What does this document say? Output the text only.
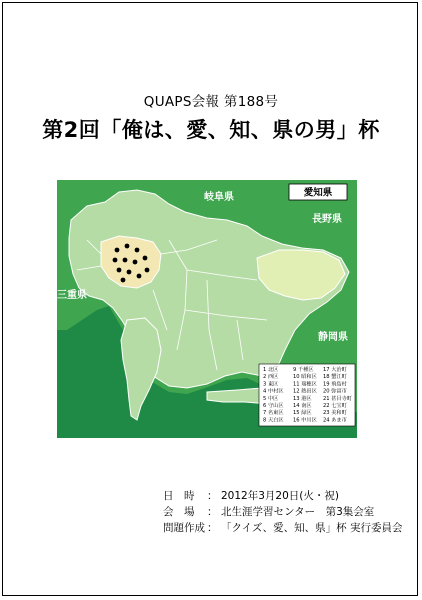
QUAPS会報 第188号
第2回「俺は、愛、知、県の男」杯
愛知県
岐阜県
長野県
三重県
静岡県
1 北区	9 千種区 17 大治町
2 西区	10 昭和区 18 蟹江町
3 東区	11 瑞穂区 19 飛島村
4 中村区 12 熱田区 20 弥富市
5 中区	13 港区 21 甚目寺町
6 守山区 14 南区 22 七宝町
7 名東区 15 緑区 23 美和町
8 天白区 16 中川区 24 あま市
日　時 ： 2012年3月20日(火・祝)
会　場 ： 北生涯学習センター　第3集会室
問題作成 ： 「クイズ、愛、知、県」杯 実行委員会
